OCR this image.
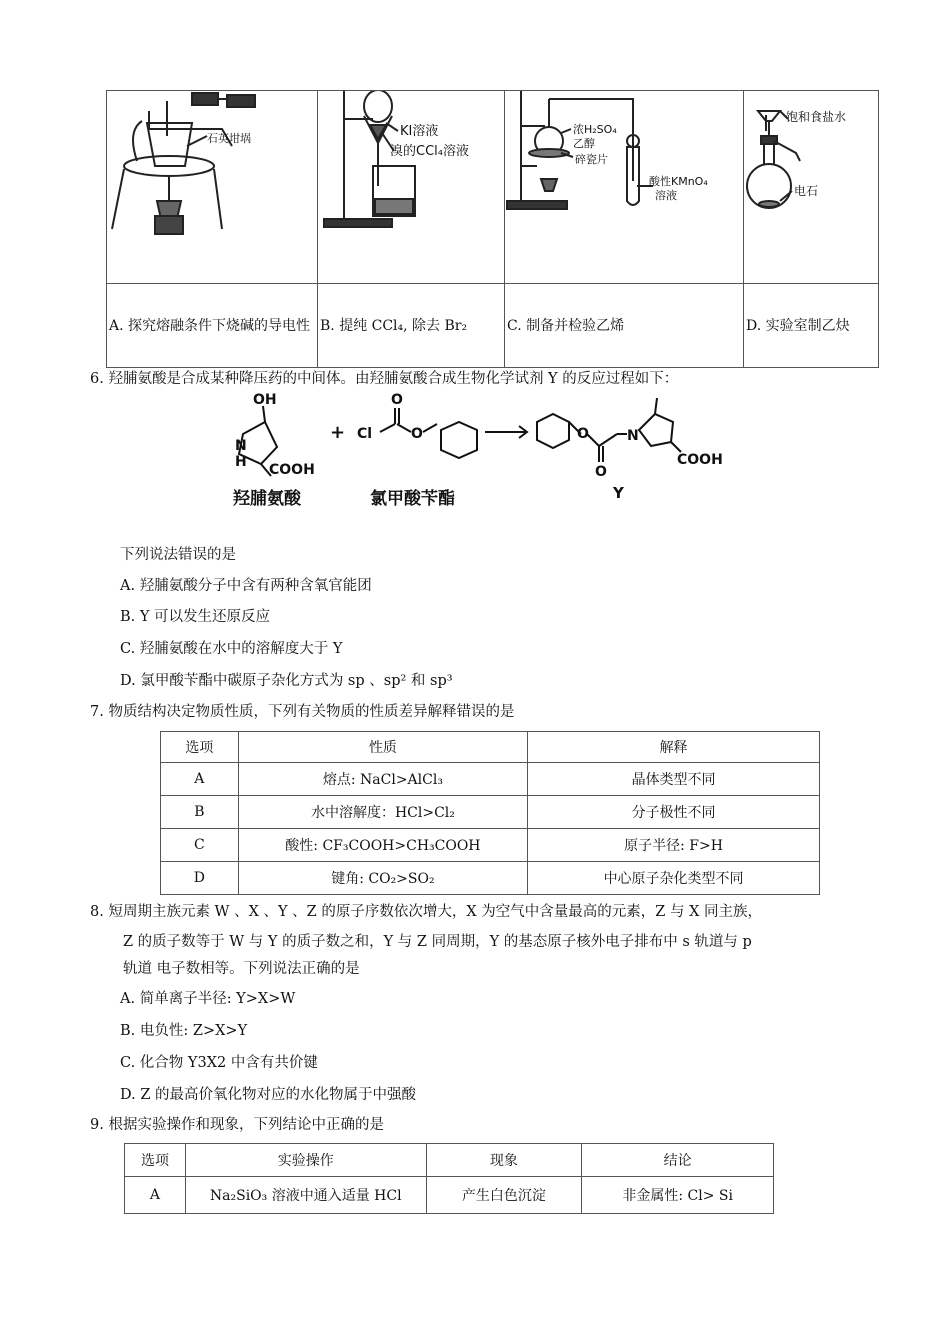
石英坩埚	KI溶液
溴的CCl₄溶液	浓H₂SO₄
乙醇
碎瓷片
酸性KMnO₄
溶液	饱和食盐水
电石

A. 探究熔融条件下烧碱的导电性	B. 提纯 CCl₄, 除去 Br₂	C. 制备并检验乙烯	D. 实验室制乙炔
6. 羟脯氨酸是合成某种降压药的中间体。由羟脯氨酸合成生物化学试剂 Y 的反应过程如下：
OH
N
H COOH
+ Cl
O
O	O
O
N
COOH
羟脯氨酸	氯甲酸苄酯	Y
下列说法错误的是
A. 羟脯氨酸分子中含有两种含氧官能团
B. Y 可以发生还原反应
C. 羟脯氨酸在水中的溶解度大于 Y
D. 氯甲酸苄酯中碳原子杂化方式为 sp 、sp² 和 sp³
7. 物质结构决定物质性质，下列有关物质的性质差异解释错误的是
选项	性质	解释
A	熔点: NaCl>AlCl₃	晶体类型不同
B	水中溶解度：HCl>Cl₂	分子极性不同
C	酸性: CF₃COOH>CH₃COOH	原子半径: F>H
D	键角: CO₂>SO₂	中心原子杂化类型不同
8. 短周期主族元素 W 、X 、Y 、Z 的原子序数依次增大，X 为空气中含量最高的元素，Z 与 X 同主族，
Z 的质子数等于 W 与 Y 的质子数之和，Y 与 Z 同周期，Y 的基态原子核外电子排布中 s 轨道与 p
轨道 电子数相等。下列说法正确的是
A. 简单离子半径: Y>X>W
B. 电负性: Z>X>Y
C. 化合物 Y3X2 中含有共价键
D. Z 的最高价氧化物对应的水化物属于中强酸
9. 根据实验操作和现象，下列结论中正确的是
选项	实验操作	现象	结论
A	Na₂SiO₃ 溶液中通入适量 HCl	产生白色沉淀	非金属性: Cl> Si
